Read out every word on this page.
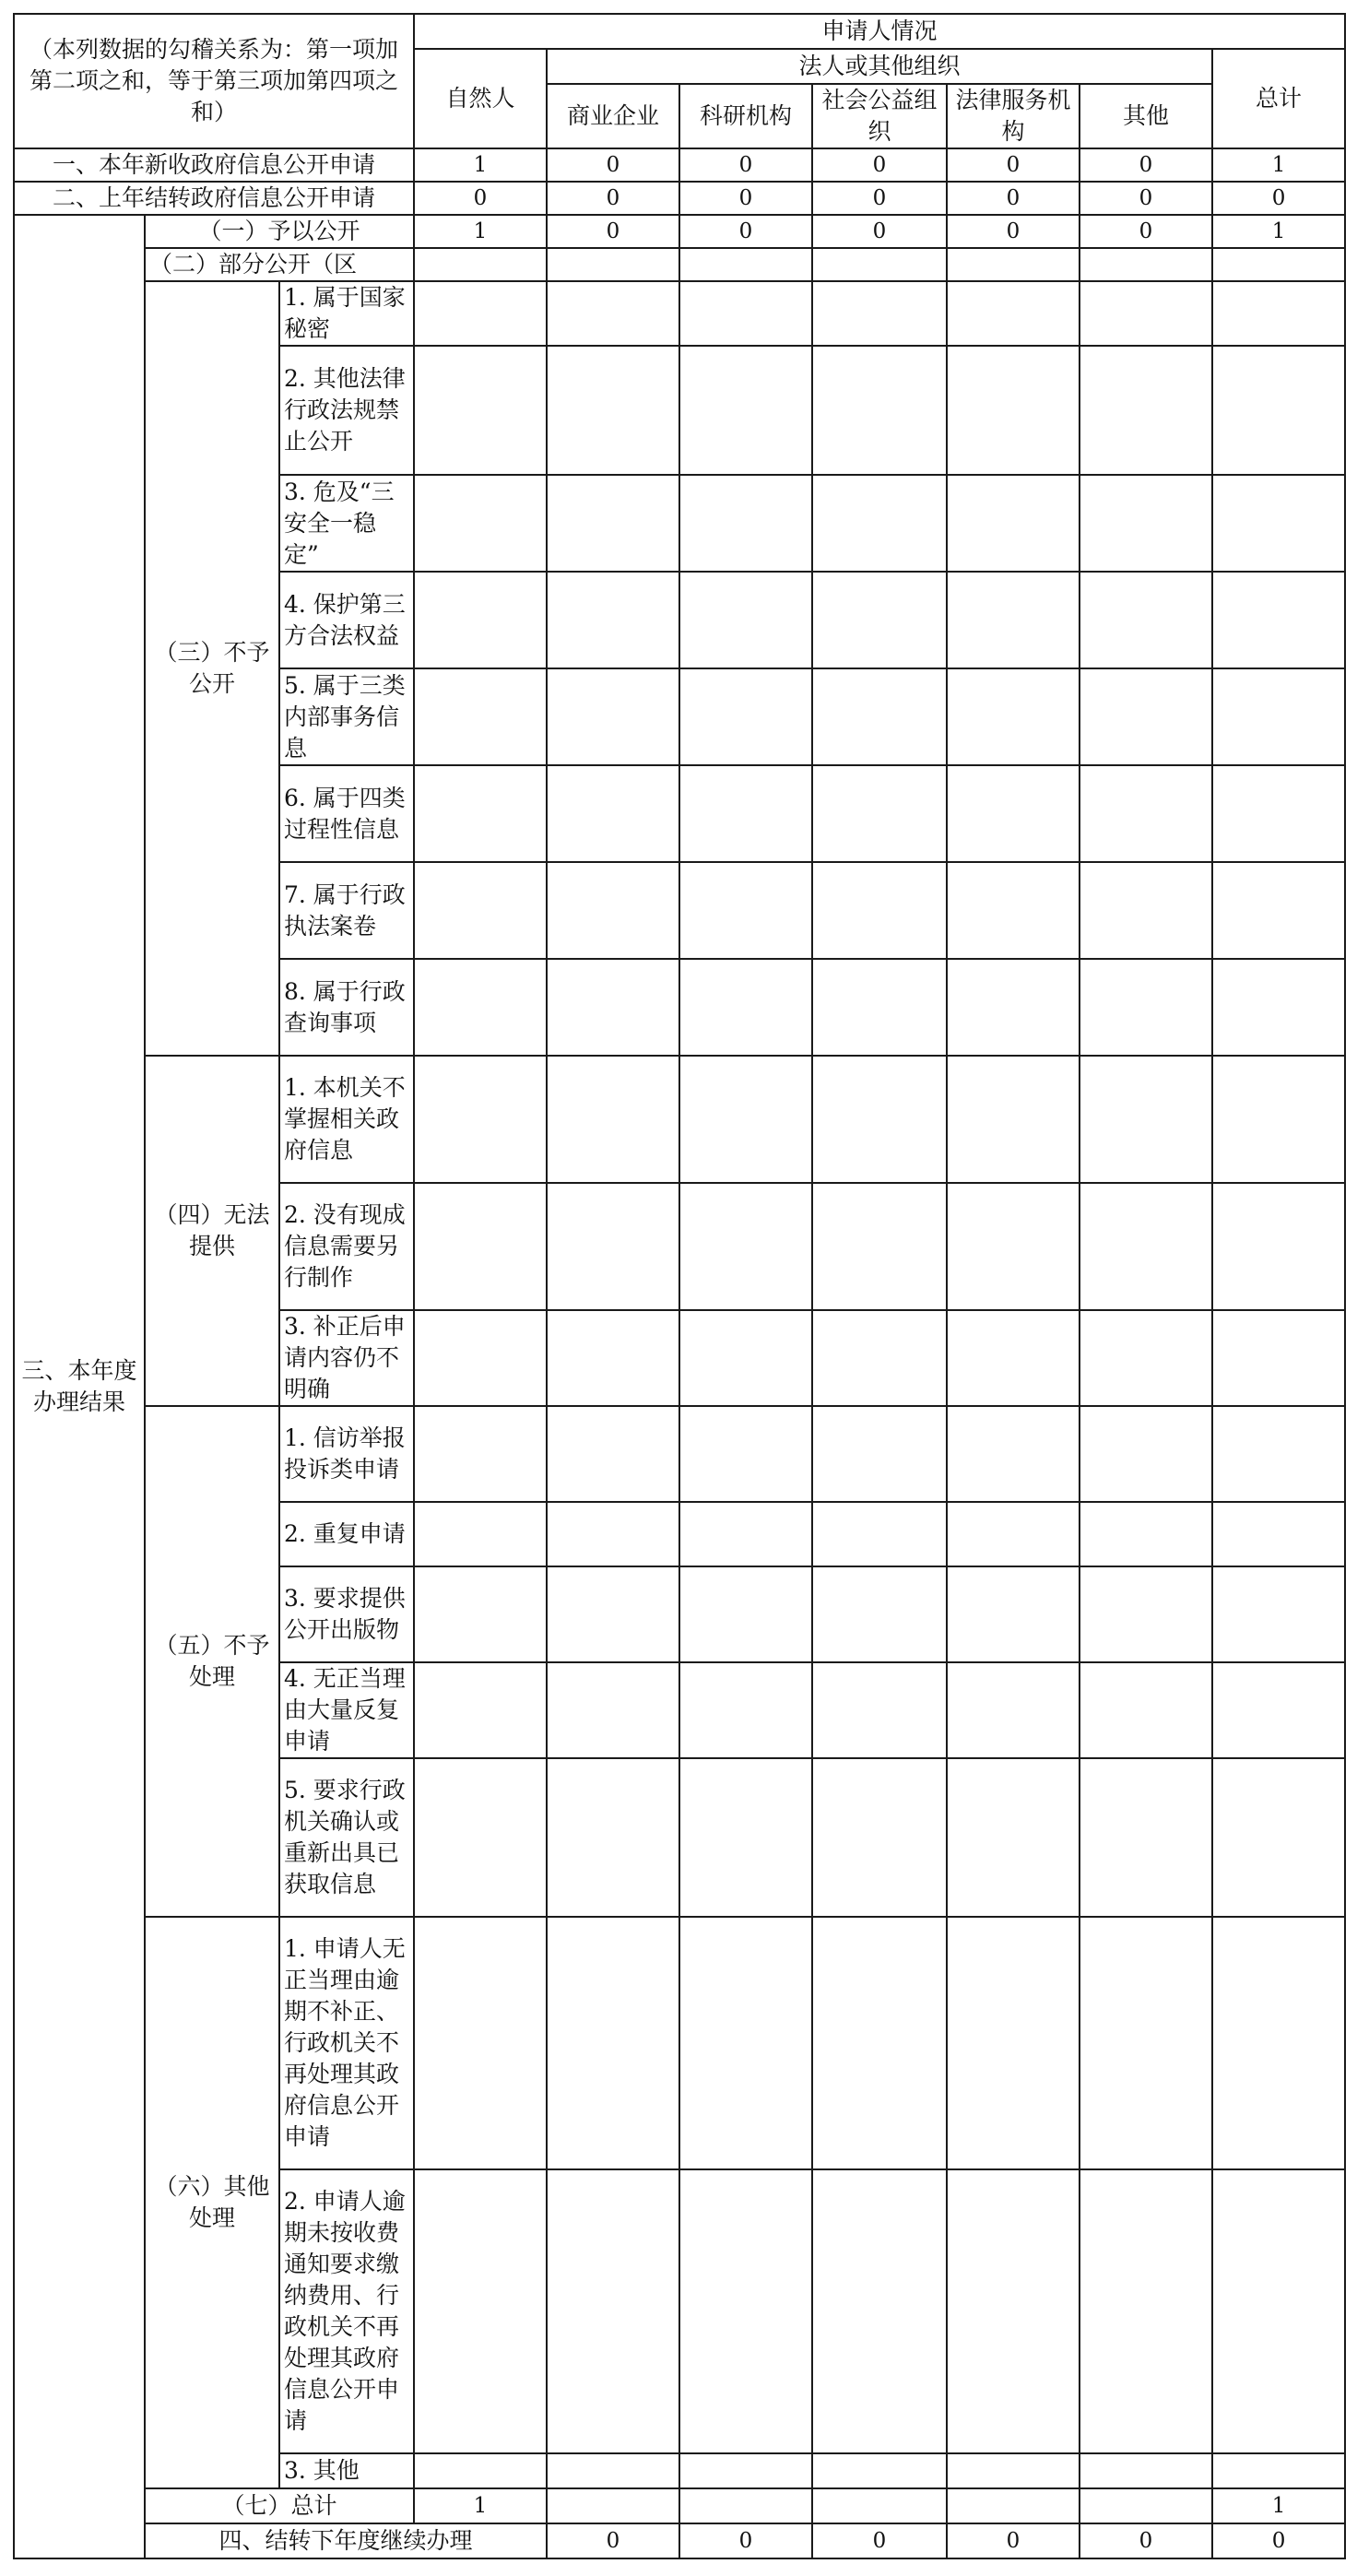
（本列数据的勾稽关系为：第一项加第二项之和，等于第三项加第四项之和）			申请人情况							
			自然人	法人或其他组织					总计	
				商业企业	科研机构	社会公益组织	法律服务机构	其他		
一、本年新收政府信息公开申请			1	0	0	0	0	0	1	
二、上年结转政府信息公开申请			0	0	0	0	0	0	0	
三、本年度办理结果	（一）予以公开		1	0	0	0	0	0	1	
	（二）部分公开（区									
	（三）不予公开	1. 属于国家秘密								
		2. 其他法律行政法规禁止公开								
		3. 危及“三安全一稳定”								
		4. 保护第三方合法权益								
		5. 属于三类内部事务信息								
		6. 属于四类过程性信息								
		7. 属于行政执法案卷								
		8. 属于行政查询事项								
	（四）无法提供	1. 本机关不掌握相关政府信息								
		2. 没有现成信息需要另行制作								
		3. 补正后申请内容仍不明确								
	（五）不予处理	1. 信访举报投诉类申请								
		2. 重复申请								
		3. 要求提供公开出版物								
		4. 无正当理由大量反复申请								
		5. 要求行政机关确认或重新出具已获取信息								
	（六）其他处理	1. 申请人无正当理由逾期不补正、行政机关不再处理其政府信息公开申请								
		2. 申请人逾期未按收费通知要求缴纳费用、行政机关不再处理其政府信息公开申请								
		3. 其他								
	（七）总计		1						1	
	四、结转下年度继续办理			0	0	0	0	0	0	
